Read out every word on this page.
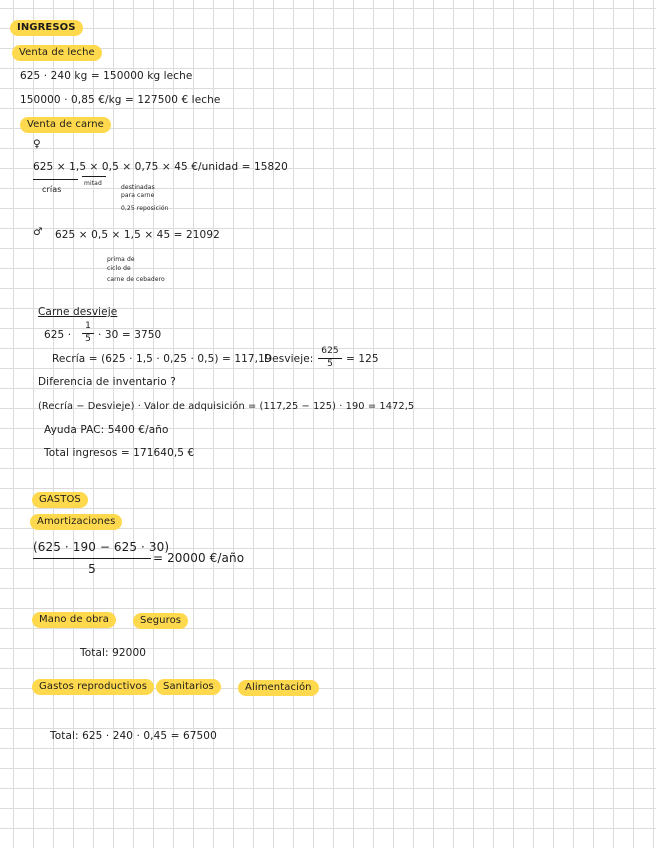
INGRESOS
Venta de leche
625 · 240 kg = 150000 kg leche
150000 · 0,85 €/kg = 127500 € leche
Venta de carne
♀
625 × 1,5 × 0,5 × 0,75 × 45 €/unidad = 15820
crías
mitad
destinadas
para carne
0,25 reposición
♂ 625 × 0,5 × 1,5 × 45 = 21092
prima de
ciclo de
carne de cebadero
Carne desvieje
625 ·
1
5 · 30 = 3750
Recría = (625 · 1,5 · 0,25 · 0,5) = 117,19
Desvieje:
625
5	= 125
Diferencia de inventario ?
(Recría − Desvieje) · Valor de adquisición = (117,25 − 125) · 190 = 1472,5
Ayuda PAC: 5400 €/año
Total ingresos = 171640,5 €
GASTOS
Amortizaciones
(625 · 190 − 625 · 30)
5
= 20000 €/año
Mano de obra	Seguros
Total: 92000
Gastos reproductivos	Sanitarios	Alimentación
Total: 625 · 240 · 0,45 = 67500
